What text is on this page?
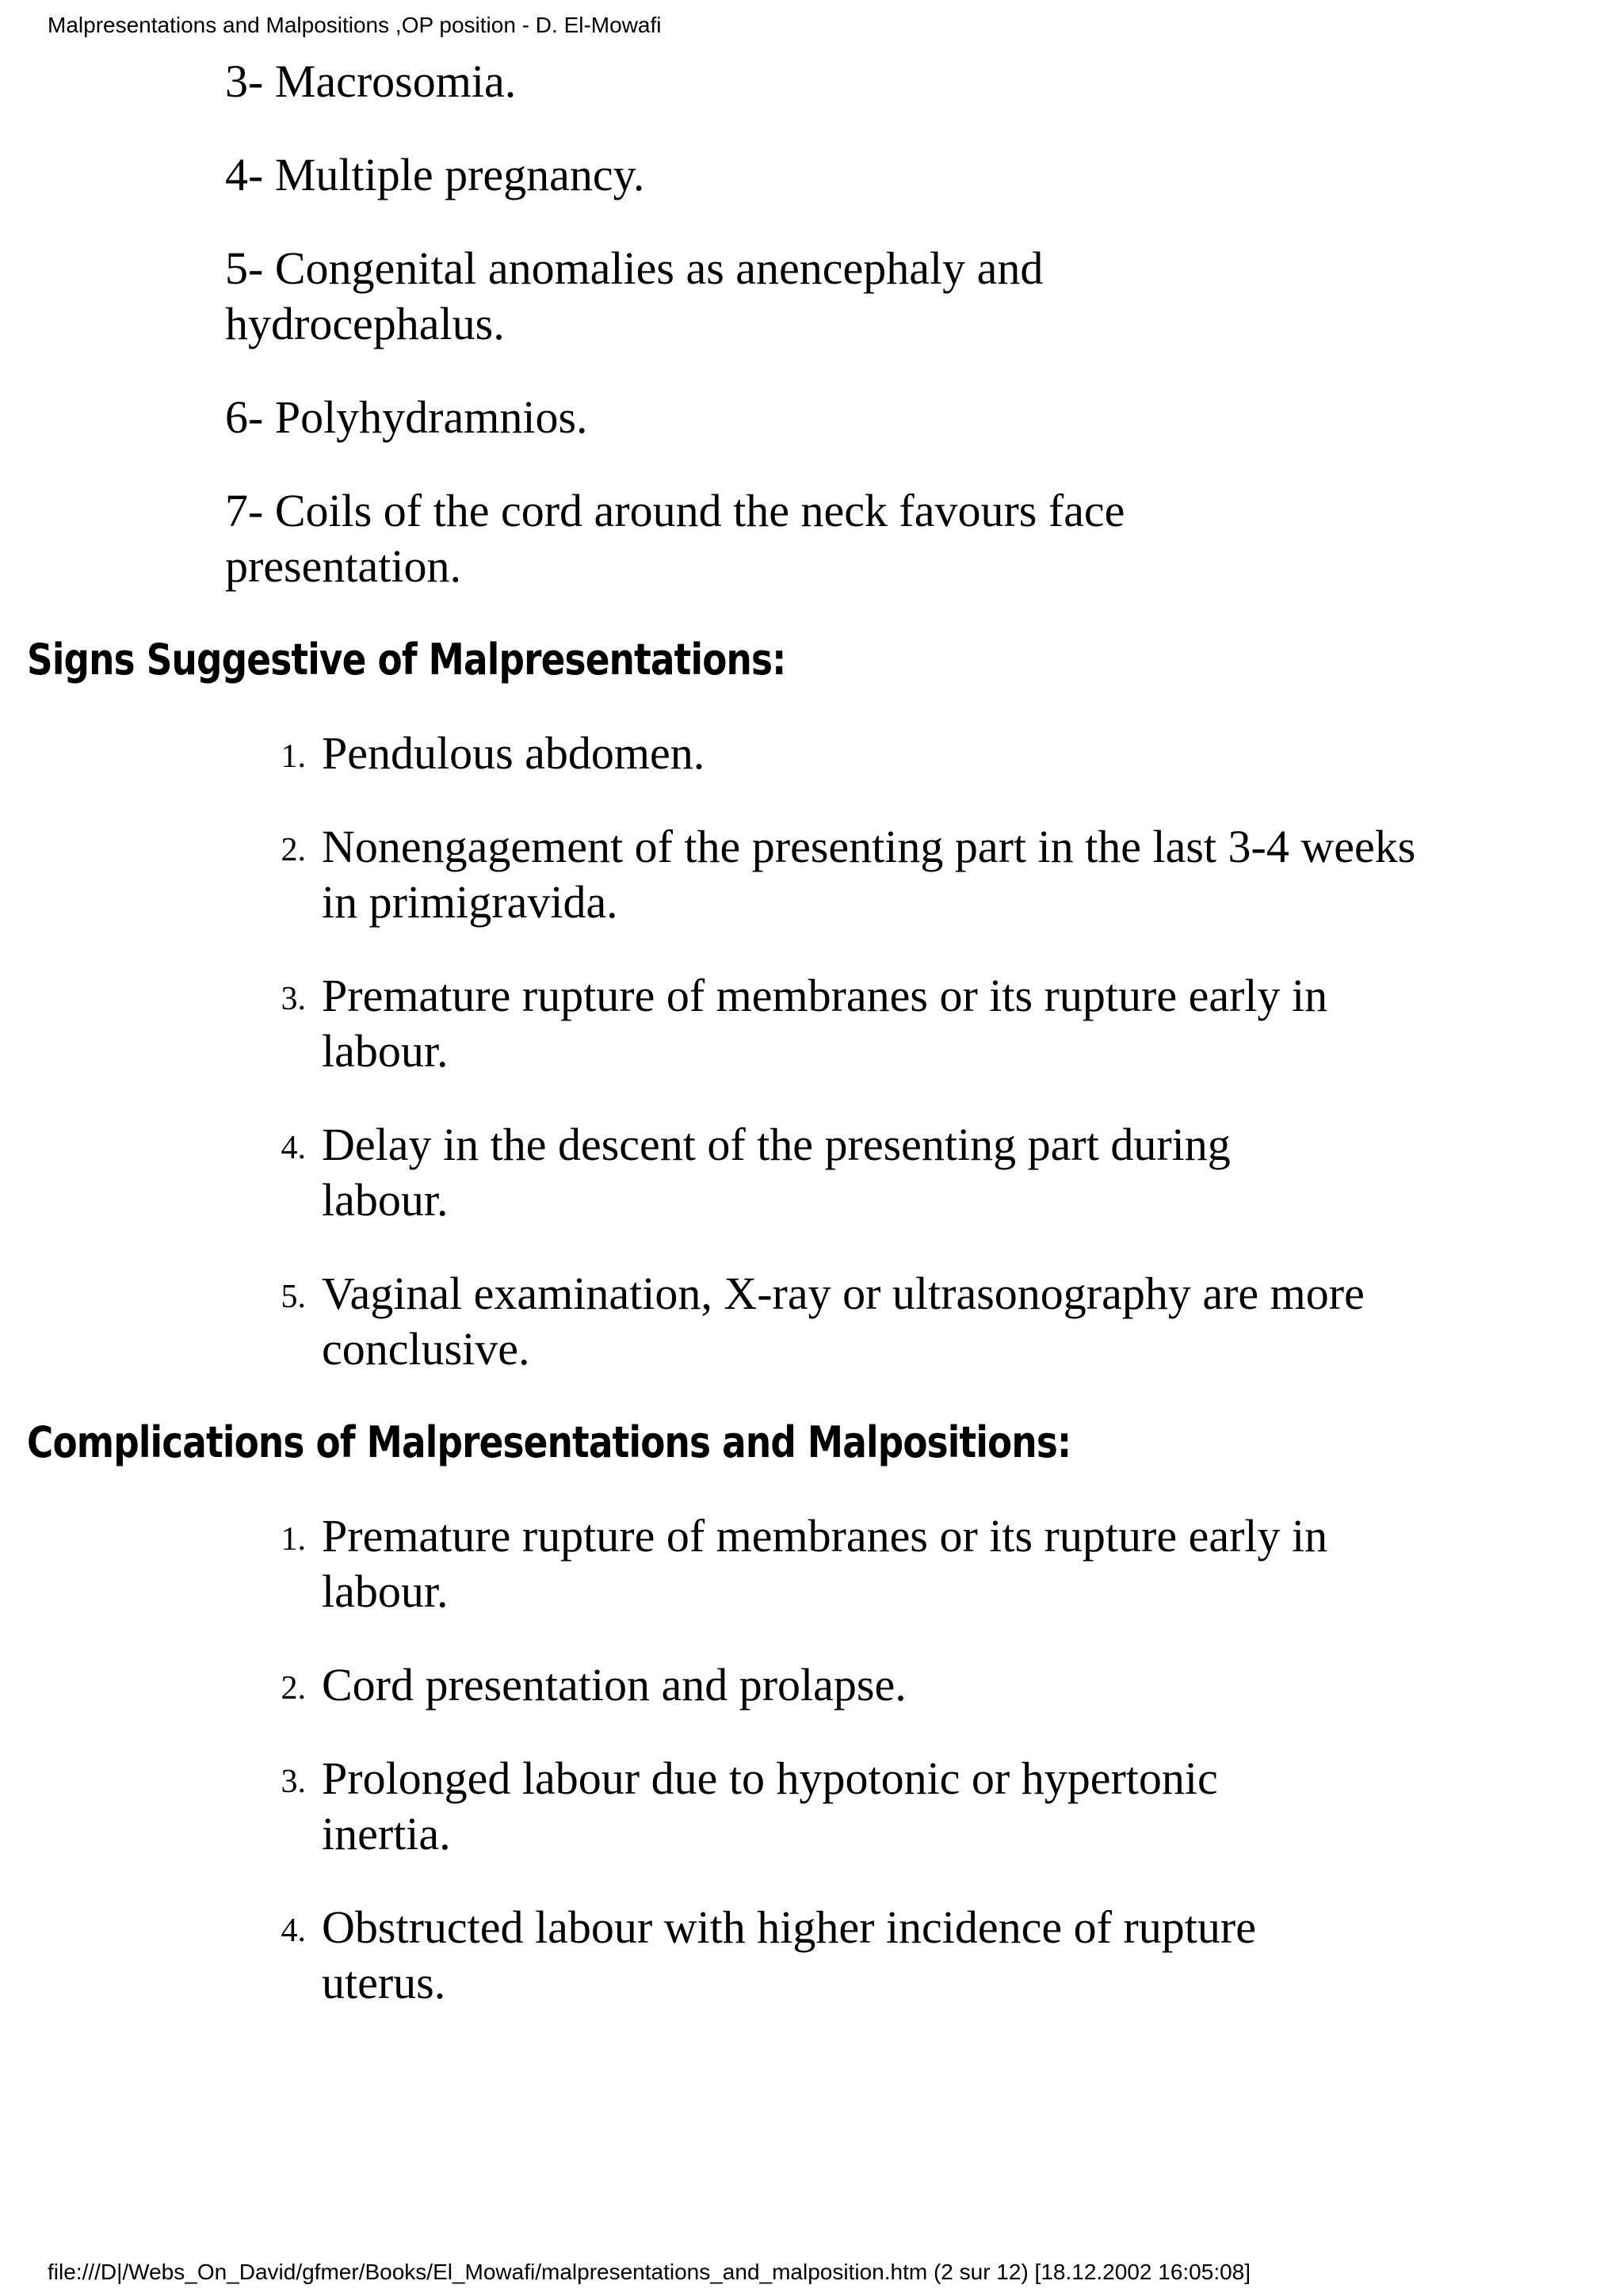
Malpresentations and Malpositions ,OP position - D. El-Mowafi
3- Macrosomia.
4- Multiple pregnancy.
5- Congenital anomalies as anencephaly and hydrocephalus.
6- Polyhydramnios.
7- Coils of the cord around the neck favours face presentation.
Signs Suggestive of Malpresentations:
1. Pendulous abdomen.
2. Nonengagement of the presenting part in the last 3-4 weeks in primigravida.
3. Premature rupture of membranes or its rupture early in labour.
4. Delay in the descent of the presenting part during labour.
5. Vaginal examination, X-ray or ultrasonography are more conclusive.
Complications of Malpresentations and Malpositions:
1. Premature rupture of membranes or its rupture early in labour.
2. Cord presentation and prolapse.
3. Prolonged labour due to hypotonic or hypertonic inertia.
4. Obstructed labour with higher incidence of rupture uterus.
file:///D|/Webs_On_David/gfmer/Books/El_Mowafi/malpresentations_and_malposition.htm (2 sur 12) [18.12.2002 16:05:08]
